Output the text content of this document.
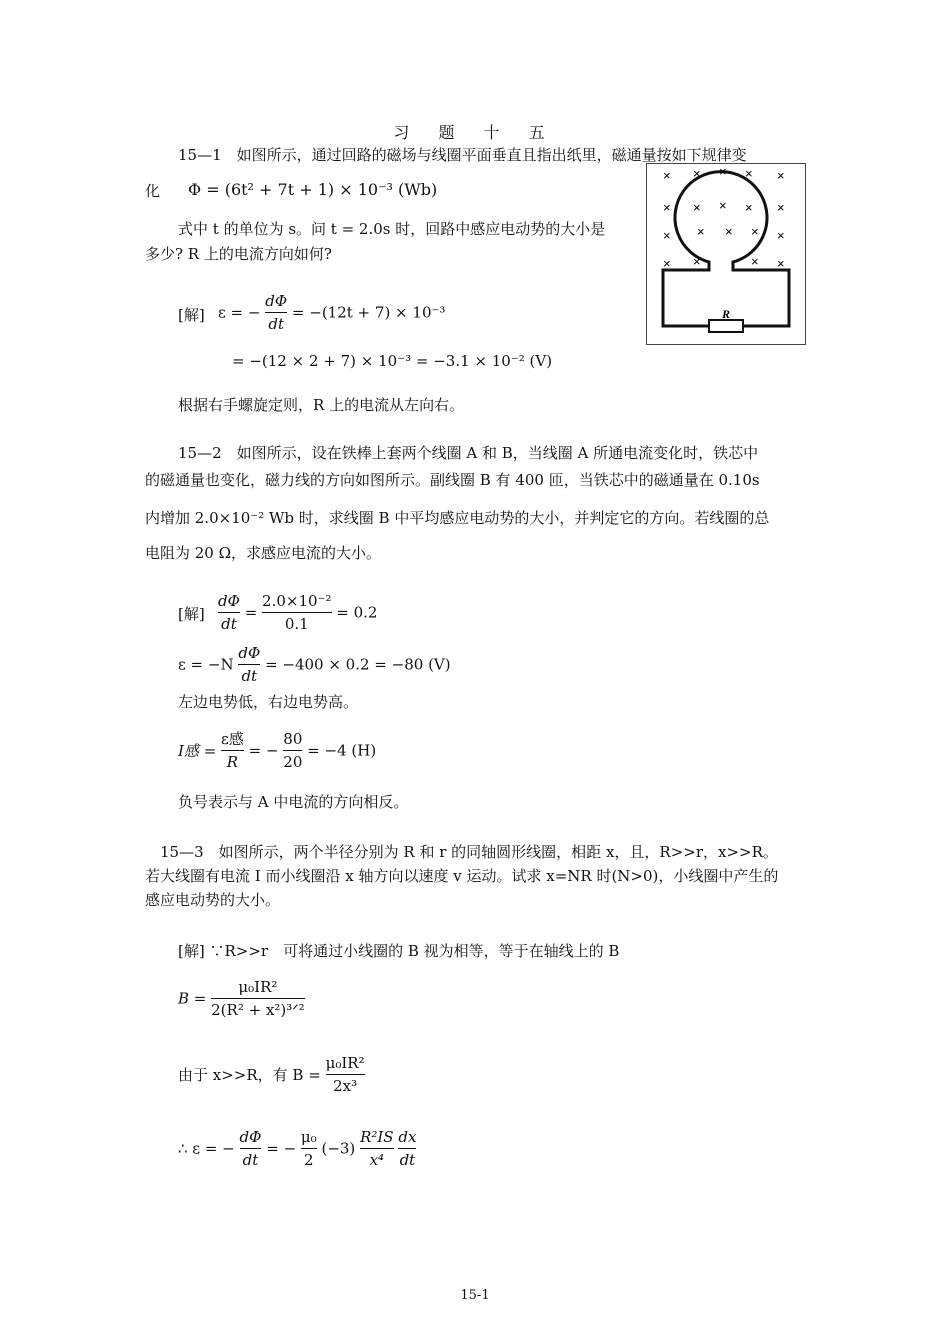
习 题 十 五
15—1　如图所示，通过回路的磁场与线圈平面垂直且指出纸里，磁通量按如下规律变
化 Φ = (6t² + 7t + 1) × 10⁻³ (Wb)
式中 t 的单位为 s。问 t = 2.0s 时，回路中感应电动势的大小是
多少? R 上的电流方向如何?
[解] ε = − $\frac{d\Phi}{dt} = -(12t + 7) \times 10^{-3}$
= −(12 × 2 + 7) × 10⁻³ = −3.1 × 10⁻² (V)
根据右手螺旋定则，R 上的电流从左向右。
R
× × × × ×
× × × × ×
× × × × ×
× ×	× ×
15—2　如图所示，设在铁棒上套两个线圈 A 和 B，当线圈 A 所通电流变化时，铁芯中
的磁通量也变化，磁力线的方向如图所示。副线圈 B 有 400 匝，当铁芯中的磁通量在 0.10s
内增加 2.0×10⁻² Wb 时，求线圈 B 中平均感应电动势的大小，并判定它的方向。若线圈的总
电阻为 20 Ω，求感应电流的大小。
[解] $\frac{d\Phi}{dt} = \frac{\text{2.0×10⁻²}}{0.1} = 0.2$
$\varepsilon = -N \frac{d\Phi}{dt} = -400 \times 0.2 = -80$ (V)
左边电势低，右边电势高。
I感 = $\frac{\text{ε感}}{R}$ = − $\frac{80}{20} = -4$ (H)
负号表示与 A 中电流的方向相反。
15—3　如图所示，两个半径分别为 R 和 r 的同轴圆形线圈，相距 x，且，R>>r，x>>R。
若大线圈有电流 I 而小线圈沿 x 轴方向以速度 v 运动。试求 x=NR 时(N>0)，小线圈中产生的
感应电动势的大小。
[解] ∵R>>r　可将通过小线圈的 B 视为相等，等于在轴线上的 B
$B = \frac{\text{μ₀IR²}}{\text{2(R² + x²)³ᐟ²}}$
由于 x>>R，有 $B = \frac{\text{μ₀IR²}}{\text{2x³}}$
∴ ε = − $\frac{d\Phi}{dt}$ = − $\frac{\text{μ₀}}{2} (-3) \frac{\text{R²IS}}{\text{x⁴}}$
$\frac{dx}{dt}$
15-1
